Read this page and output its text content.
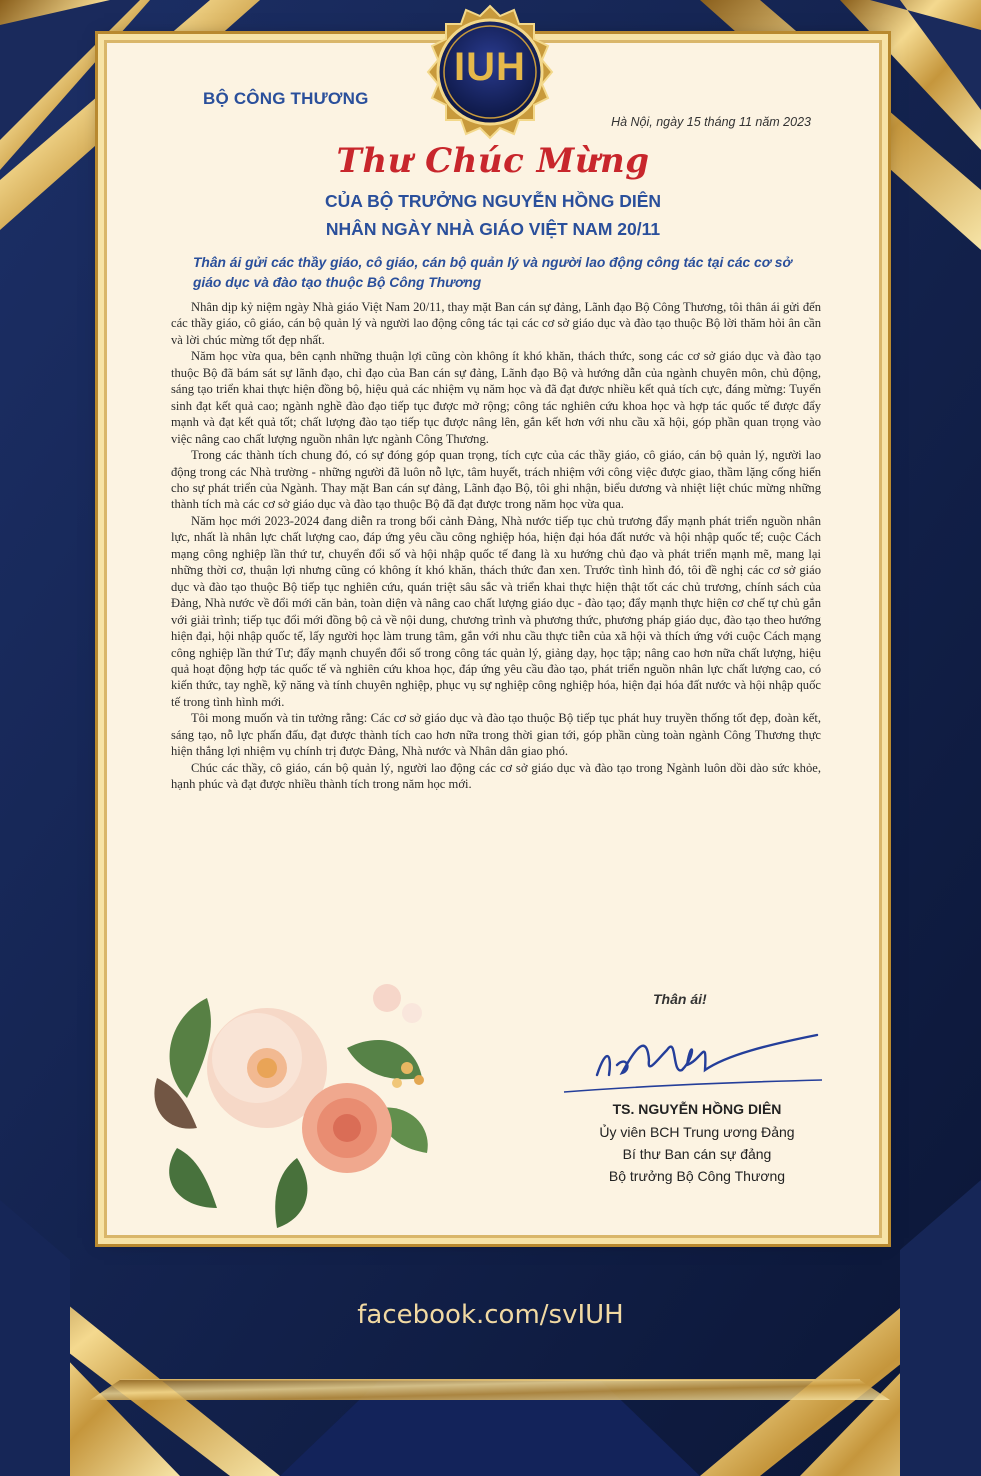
BỘ CÔNG THƯƠNG
Hà Nội, ngày 15 tháng 11 năm 2023
Thư Chúc Mừng
CỦA BỘ TRƯỞNG NGUYỄN HỒNG DIÊN
NHÂN NGÀY NHÀ GIÁO VIỆT NAM 20/11
Thân ái gửi các thầy giáo, cô giáo, cán bộ quản lý và người lao động công tác tại các cơ sở giáo dục và đào tạo thuộc Bộ Công Thương

Nhân dịp kỷ niệm ngày Nhà giáo Việt Nam 20/11, thay mặt Ban cán sự đảng, Lãnh đạo Bộ Công Thương, tôi thân ái gửi đến các thầy giáo, cô giáo, cán bộ quản lý và người lao động công tác tại các cơ sở giáo dục và đào tạo thuộc Bộ lời thăm hỏi ân cần và lời chúc mừng tốt đẹp nhất.

Năm học vừa qua, bên cạnh những thuận lợi cũng còn không ít khó khăn, thách thức, song các cơ sở giáo dục và đào tạo thuộc Bộ đã bám sát sự lãnh đạo, chỉ đạo của Ban cán sự đảng, Lãnh đạo Bộ và hướng dẫn của ngành chuyên môn, chủ động, sáng tạo triển khai thực hiện đồng bộ, hiệu quả các nhiệm vụ năm học và đã đạt được nhiều kết quả tích cực, đáng mừng: Tuyển sinh đạt kết quả cao; ngành nghề đào đạo tiếp tục được mở rộng; công tác nghiên cứu khoa học và hợp tác quốc tế được đẩy mạnh và đạt kết quả tốt; chất lượng đào tạo tiếp tục được nâng lên, gắn kết hơn với nhu cầu xã hội, góp phần quan trọng vào việc nâng cao chất lượng nguồn nhân lực ngành Công Thương.

Trong các thành tích chung đó, có sự đóng góp quan trọng, tích cực của các thầy giáo, cô giáo, cán bộ quản lý, người lao động trong các Nhà trường - những người đã luôn nỗ lực, tâm huyết, trách nhiệm với công việc được giao, thầm lặng cống hiến cho sự phát triển của Ngành. Thay mặt Ban cán sự đảng, Lãnh đạo Bộ, tôi ghi nhận, biểu dương và nhiệt liệt chúc mừng những thành tích mà các cơ sở giáo dục và đào tạo thuộc Bộ đã đạt được trong năm học vừa qua.

Năm học mới 2023-2024 đang diễn ra trong bối cảnh Đảng, Nhà nước tiếp tục chủ trương đẩy mạnh phát triển nguồn nhân lực, nhất là nhân lực chất lượng cao, đáp ứng yêu cầu công nghiệp hóa, hiện đại hóa đất nước và hội nhập quốc tế; cuộc Cách mạng công nghiệp lần thứ tư, chuyển đổi số và hội nhập quốc tế đang là xu hướng chủ đạo và phát triển mạnh mẽ, mang lại những thời cơ, thuận lợi nhưng cũng có không ít khó khăn, thách thức đan xen. Trước tình hình đó, tôi đề nghị các cơ sở giáo dục và đào tạo thuộc Bộ tiếp tục nghiên cứu, quán triệt sâu sắc và triển khai thực hiện thật tốt các chủ trương, chính sách của Đảng, Nhà nước về đổi mới căn bản, toàn diện và nâng cao chất lượng giáo dục - đào tạo; đẩy mạnh thực hiện cơ chế tự chủ gắn với giải trình; tiếp tục đổi mới đồng bộ cả về nội dung, chương trình và phương thức, phương pháp giáo dục, đào tạo theo hướng hiện đại, hội nhập quốc tế, lấy người học làm trung tâm, gắn với nhu cầu thực tiễn của xã hội và thích ứng với cuộc Cách mạng công nghiệp lần thứ Tư; đẩy mạnh chuyển đổi số trong công tác quản lý, giảng dạy, học tập; nâng cao hơn nữa chất lượng, hiệu quả hoạt động hợp tác quốc tế và nghiên cứu khoa học, đáp ứng yêu cầu đào tạo, phát triển nguồn nhân lực chất lượng cao, có kiến thức, tay nghề, kỹ năng và tính chuyên nghiệp, phục vụ sự nghiệp công nghiệp hóa, hiện đại hóa đất nước và hội nhập quốc tế trong tình hình mới.

Tôi mong muốn và tin tưởng rằng: Các cơ sở giáo dục và đào tạo thuộc Bộ tiếp tục phát huy truyền thống tốt đẹp, đoàn kết, sáng tạo, nỗ lực phấn đấu, đạt được thành tích cao hơn nữa trong thời gian tới, góp phần cùng toàn ngành Công Thương thực hiện thắng lợi nhiệm vụ chính trị được Đảng, Nhà nước và Nhân dân giao phó.

Chúc các thầy, cô giáo, cán bộ quản lý, người lao động các cơ sở giáo dục và đào tạo trong Ngành luôn dồi dào sức khỏe, hạnh phúc và đạt được nhiều thành tích trong năm học mới.

Thân ái!
TS. NGUYỄN HỒNG DIÊN
Ủy viên BCH Trung ương Đảng
Bí thư Ban cán sự đảng
Bộ trưởng Bộ Công Thương
IUH
facebook.com/svIUH
